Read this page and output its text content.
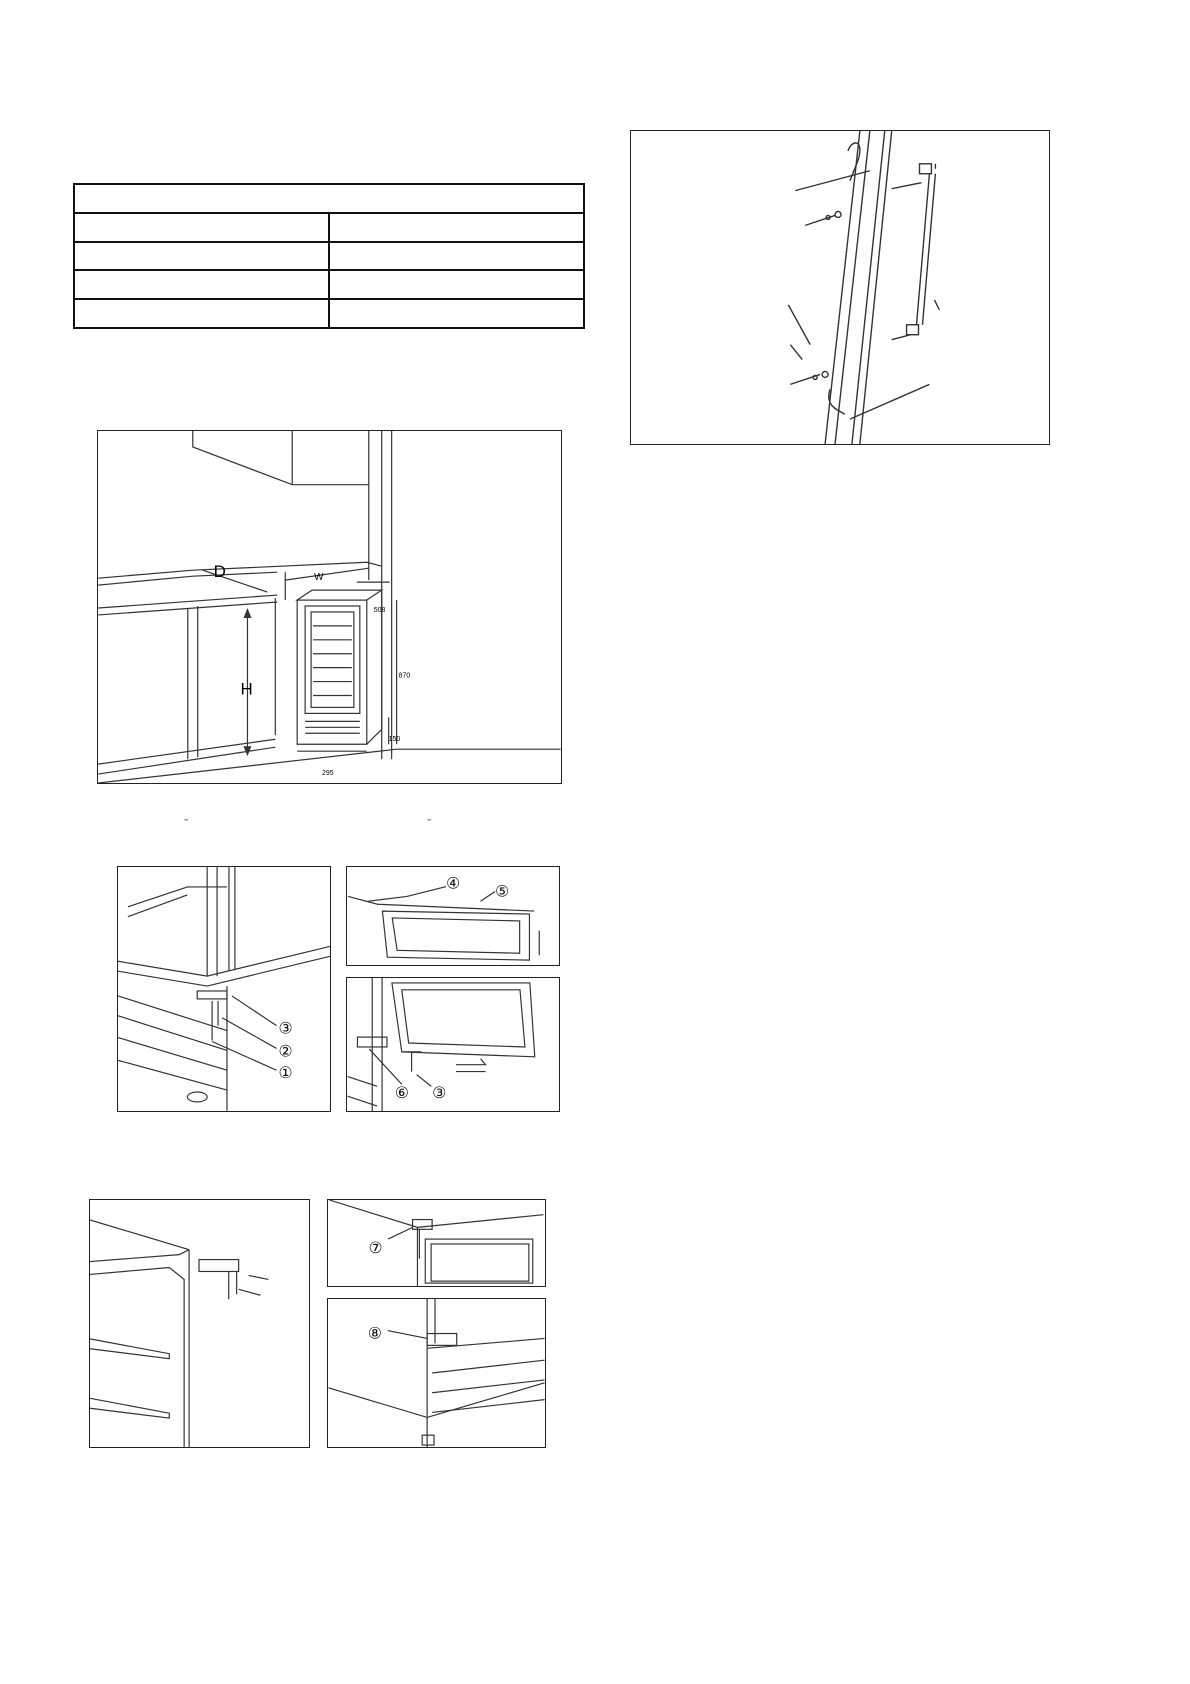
D	W
H
508
870
150
295
˘	˘
③
②
①
④ ⑤
⑥ ③
⑦
⑧
